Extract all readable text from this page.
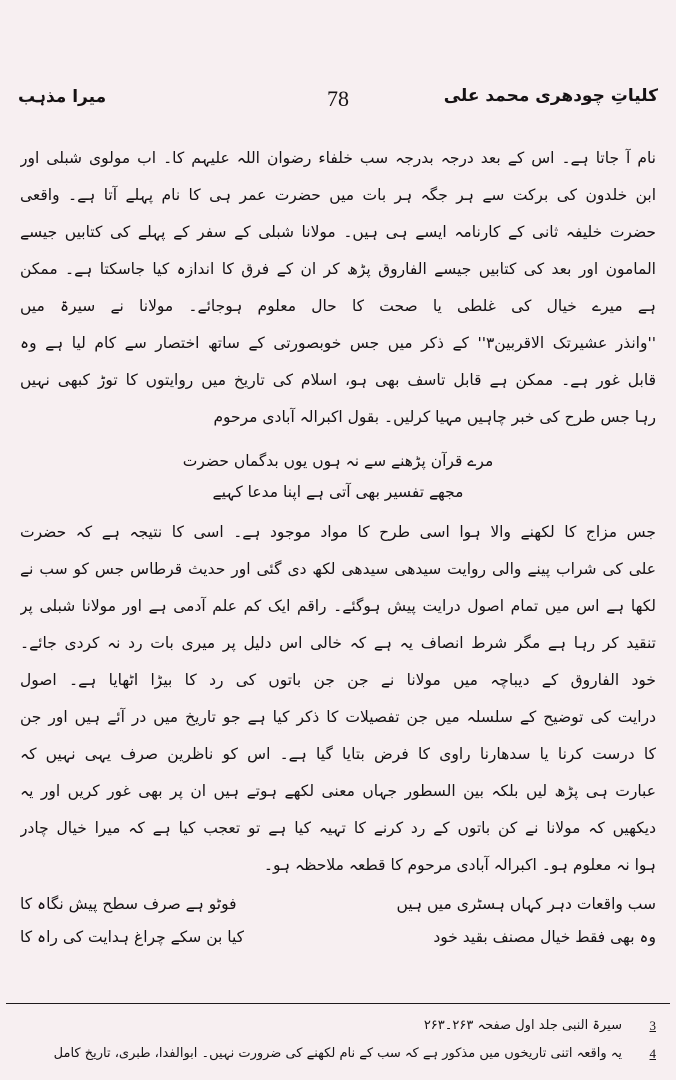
کلیاتِ چودھری محمد علی
78
میرا مذہب
نام آ جاتا ہے۔ اس کے بعد درجہ بدرجہ سب خلفاء رضوان اللہ علیہم کا۔ اب مولوی شبلی اور
ابن خلدون کی برکت سے ہر جگہ ہر بات میں حضرت عمر ہی کا نام پہلے آتا ہے۔ واقعی
حضرت خلیفہ ثانی کے کارنامہ ایسے ہی ہیں۔ مولانا شبلی کے سفر کے پہلے کی کتابیں جیسے
المامون اور بعد کی کتابیں جیسے الفاروق پڑھ کر ان کے فرق کا اندازہ کیا جاسکتا ہے۔ ممکن
ہے میرے خیال کی غلطی یا صحت کا حال معلوم ہوجائے۔ مولانا نے سیرۃ میں
''وانذر عشیرتک الاقربین۳'' کے ذکر میں جس خوبصورتی کے ساتھ اختصار سے کام لیا ہے وہ
قابل غور ہے۔ ممکن ہے قابل تاسف بھی ہو، اسلام کی تاریخ میں روایتوں کا توڑ کبھی نہیں
رہا جس طرح کی خبر چاہیں مہیا کرلیں۔ بقول اکبرالہ آبادی مرحوم
مرے قرآن پڑھنے سے نہ ہوں یوں بدگماں حضرت
مجھے تفسیر بھی آتی ہے اپنا مدعا کہیے
جس مزاج کا لکھنے والا ہوا اسی طرح کا مواد موجود ہے۔ اسی کا نتیجہ ہے کہ حضرت
علی کی شراب پینے والی روایت سیدھی سیدھی لکھ دی گئی اور حدیث قرطاس جس کو سب نے
لکھا ہے اس میں تمام اصول درایت پیش ہوگئے۔ راقم ایک کم علم آدمی ہے اور مولانا شبلی پر
تنقید کر رہا ہے مگر شرط انصاف یہ ہے کہ خالی اس دلیل پر میری بات رد نہ کردی جائے۔
خود الفاروق کے دیباچہ میں مولانا نے جن جن باتوں کی رد کا بیڑا اٹھایا ہے۔ اصول
درایت کی توضیح کے سلسلہ میں جن تفصیلات کا ذکر کیا ہے جو تاریخ میں در آئے ہیں اور جن
کا درست کرنا یا سدھارنا راوی کا فرض بتایا گیا ہے۔ اس کو ناظرین صرف یہی نہیں کہ
عبارت ہی پڑھ لیں بلکہ بین السطور جہاں معنی لکھے ہوتے ہیں ان پر بھی غور کریں اور یہ
دیکھیں کہ مولانا نے کن باتوں کے رد کرنے کا تہیہ کیا ہے تو تعجب کیا ہے کہ میرا خیال چادر
ہوا نہ معلوم ہو۔ اکبرالہ آبادی مرحوم کا قطعہ ملاحظہ ہو۔
سب واقعات دہر کہاں ہسٹری میں ہیں
فوٹو ہے صرف سطح پیش نگاہ کا
وہ بھی فقط خیال مصنف بقید خود
کیا بن سکے چراغ ہدایت کی راہ کا
3
سیرۃ النبی جلد اول صفحہ ۲۶۳۔۲۶۳
4
یہ واقعہ اتنی تاریخوں میں مذکور ہے کہ سب کے نام لکھنے کی ضرورت نہیں۔ ابوالفدا، طبری، تاریخ کامل
